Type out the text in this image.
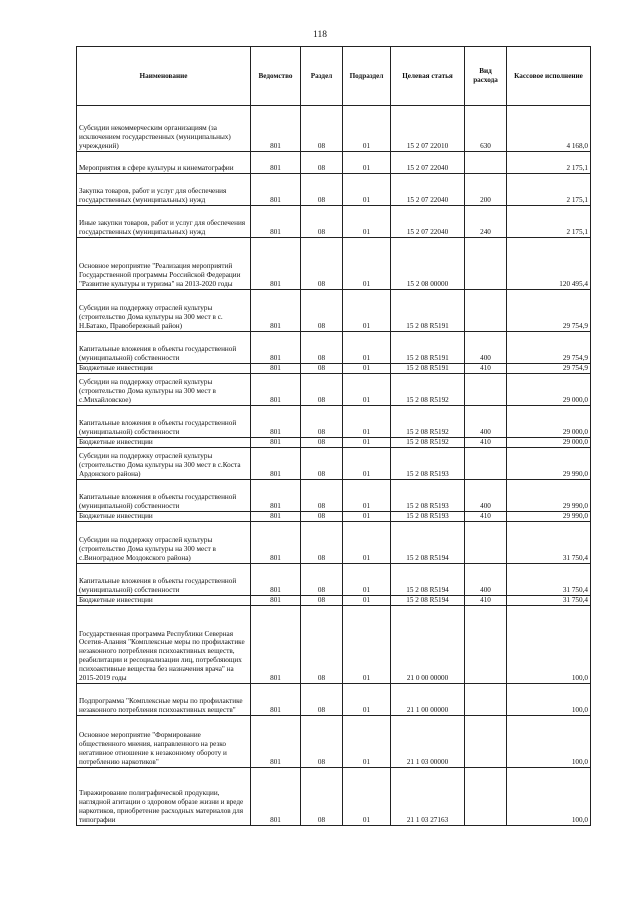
118
Наименование	Ведомство	Раздел	Подраздел	Целевая статья	Вид расхода	Кассовое исполнение
Субсидии некоммерческим организациям (за исключением государственных (муниципальных) учреждений)	801	08	01	15 2 07 22010	630	4 168,0
Мероприятия в сфере культуры и кинематографии	801	08	01	15 2 07 22040		2 175,1
Закупка товаров, работ и услуг для обеспечения государственных (муниципальных) нужд	801	08	01	15 2 07 22040	200	2 175,1
Иные закупки товаров, работ и услуг для обеспечения государственных (муниципальных) нужд	801	08	01	15 2 07 22040	240	2 175,1
Основное мероприятие "Реализация мероприятий Государственной программы Российской Федерации "Развитие культуры и туризма" на 2013-2020 годы	801	08	01	15 2 08 00000		120 495,4
Субсидии на поддержку отраслей культуры (строительство Дома культуры на 300 мест в с. Н.Батако, Правобережный район)	801	08	01	15 2 08 R5191		29 754,9
Капитальные вложения в объекты государственной (муниципальной) собственности	801	08	01	15 2 08 R5191	400	29 754,9
Бюджетные инвестиции	801	08	01	15 2 08 R5191	410	29 754,9
Субсидии на поддержку отраслей культуры (строительство Дома культуры на 300 мест в с.Михайловское)	801	08	01	15 2 08 R5192		29 000,0
Капитальные вложения в объекты государственной (муниципальной) собственности	801	08	01	15 2 08 R5192	400	29 000,0
Бюджетные инвестиции	801	08	01	15 2 08 R5192	410	29 000,0
Субсидии на поддержку отраслей культуры (строительство Дома культуры на 300 мест в с.Коста Ардонского района)	801	08	01	15 2 08 R5193		29 990,0
Капитальные вложения в объекты государственной (муниципальной) собственности	801	08	01	15 2 08 R5193	400	29 990,0
Бюджетные инвестиции	801	08	01	15 2 08 R5193	410	29 990,0
Субсидии на поддержку отраслей культуры (строительство Дома культуры на 300 мест в с.Виноградное Моздокского района)	801	08	01	15 2 08 R5194		31 750,4
Капитальные вложения в объекты государственной (муниципальной) собственности	801	08	01	15 2 08 R5194	400	31 750,4
Бюджетные инвестиции	801	08	01	15 2 08 R5194	410	31 750,4
Государственная программа Республики Северная Осетия-Алания "Комплексные меры по профилактике незаконного потребления психоактивных веществ, реабилитации и ресоциализации лиц, потребляющих психоактивные вещества без назначения врача" на 2015-2019 годы	801	08	01	21 0 00 00000		100,0
Подпрограмма "Комплексные меры по профилактике незаконного потребления психоактивных веществ"	801	08	01	21 1 00 00000		100,0
Основное мероприятие "Формирование общественного мнения, направленного на резко негативное отношение к незаконному обороту и потреблению наркотиков"	801	08	01	21 1 03 00000		100,0
Тиражирование полиграфической продукции, наглядной агитации о здоровом образе жизни и вреде наркотиков, приобретение расходных материалов для типографии	801	08	01	21 1 03 27163		100,0
